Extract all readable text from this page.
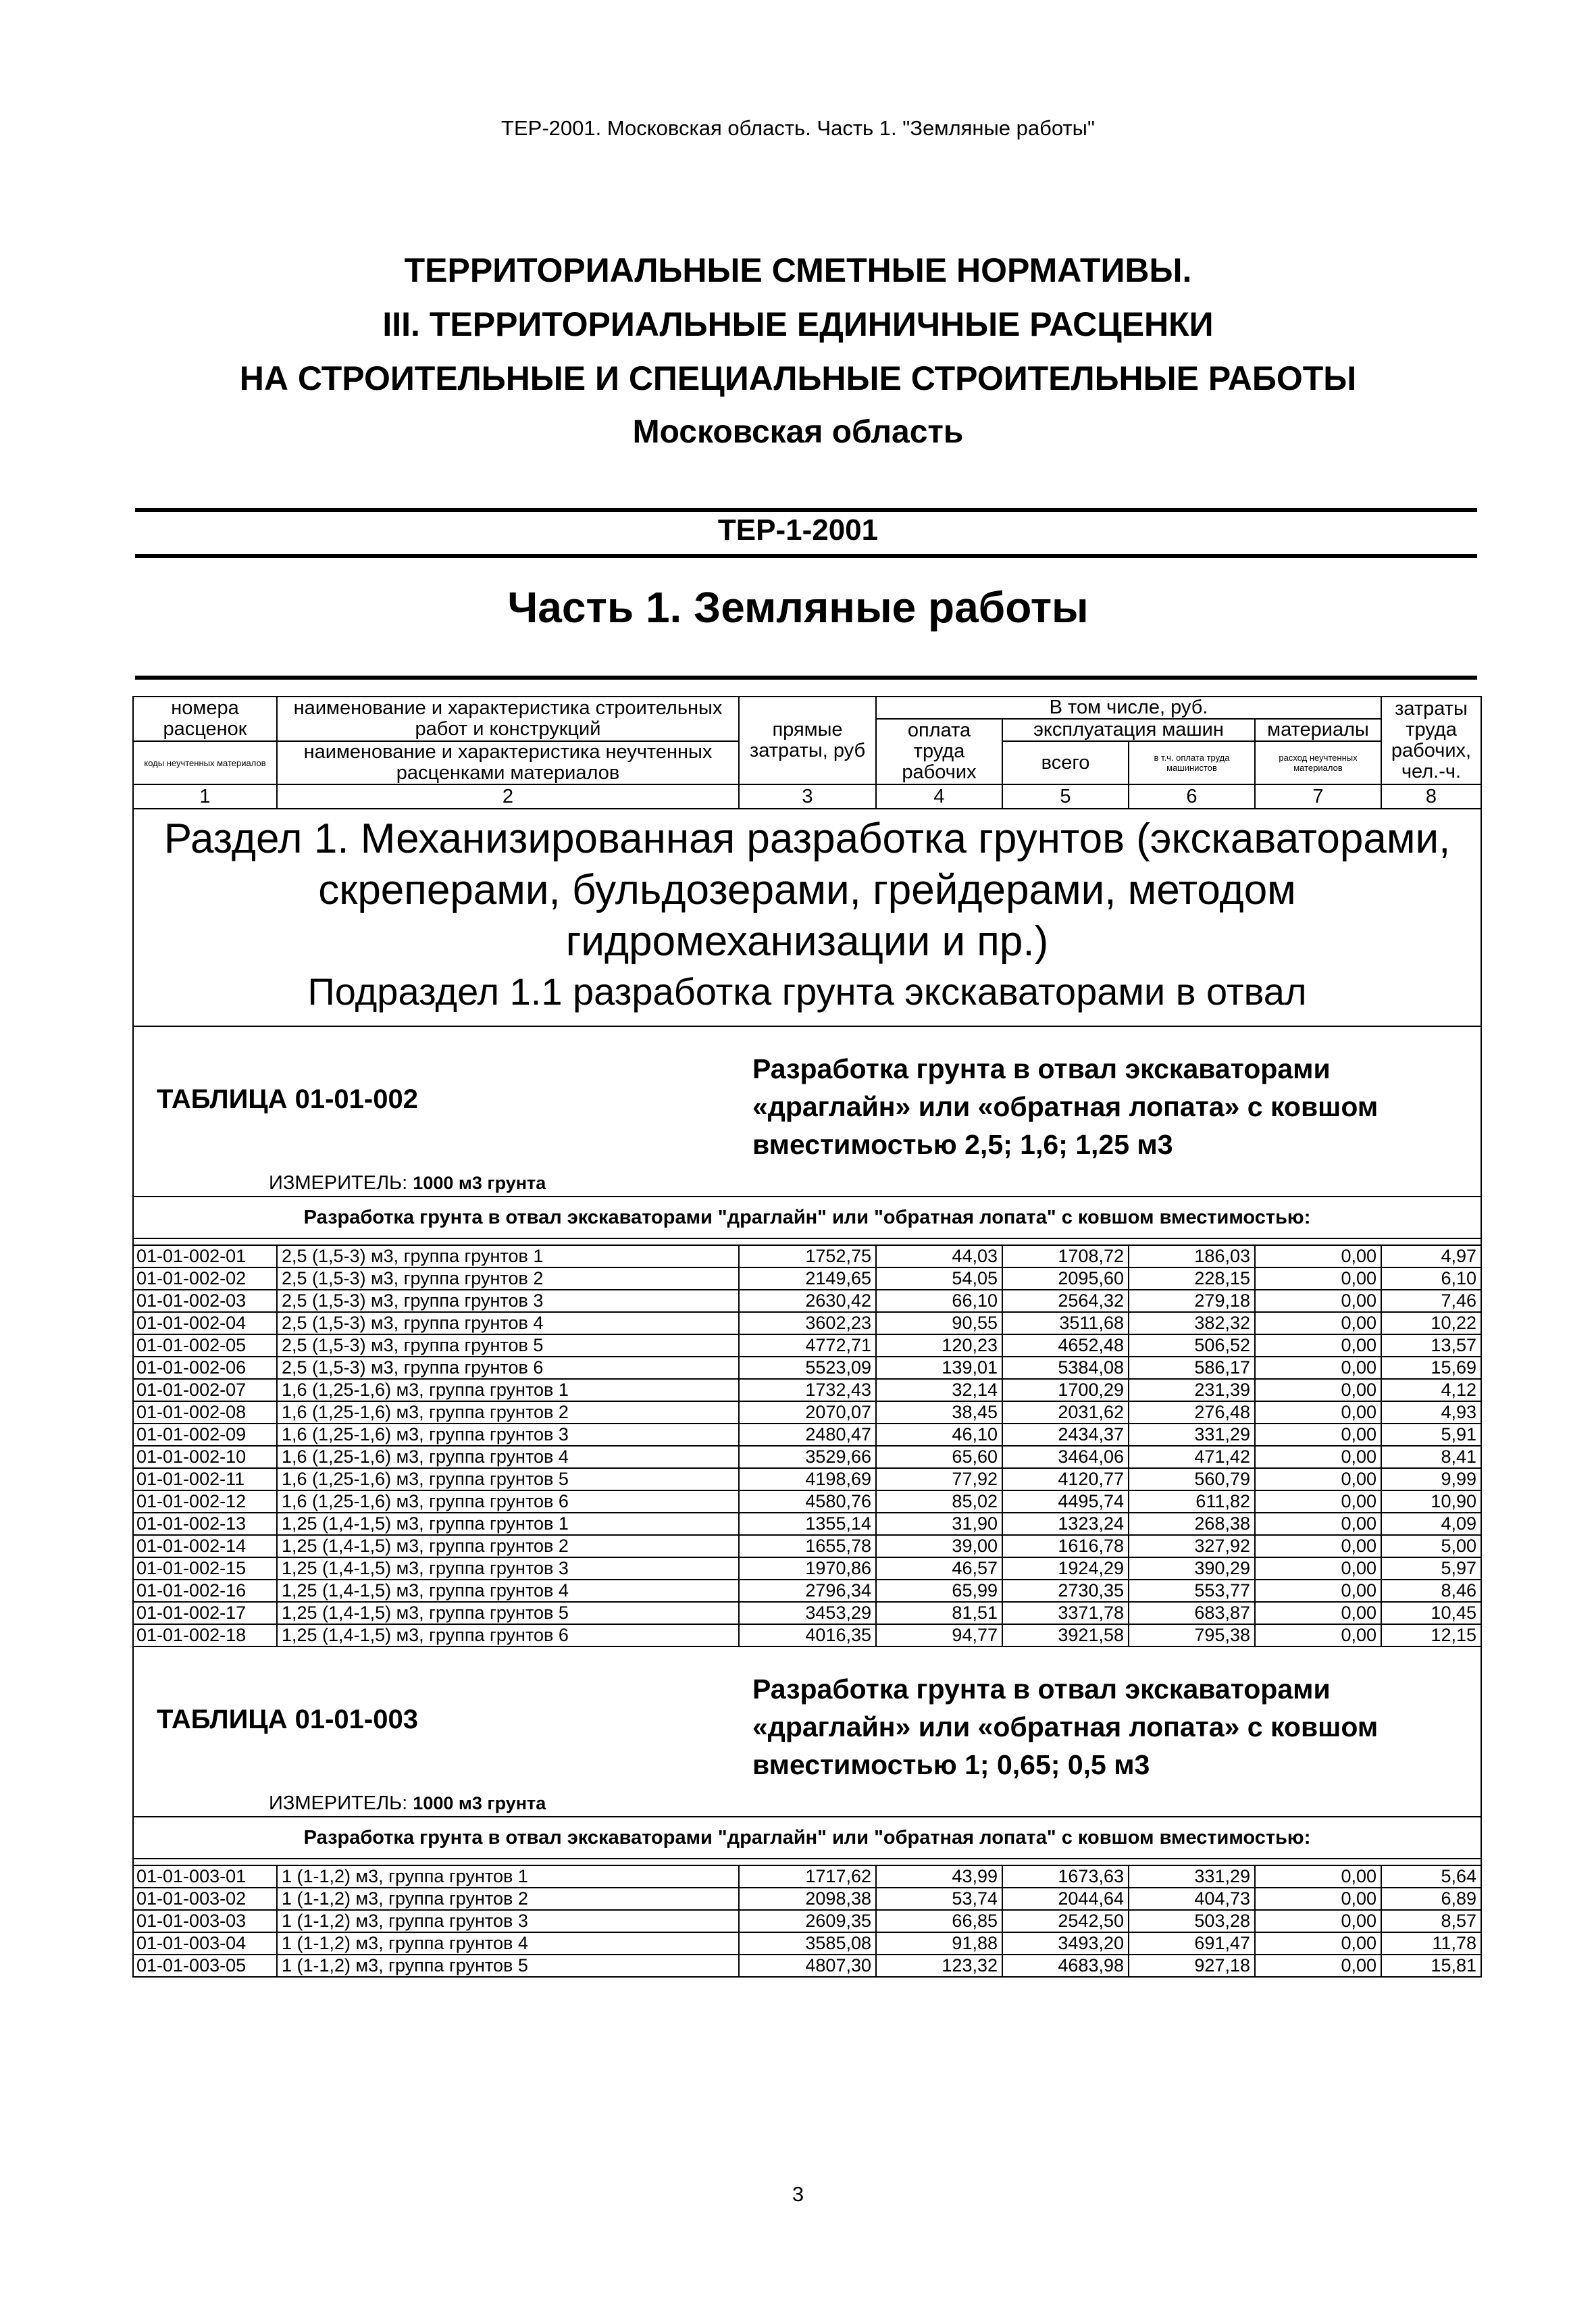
ТЕР-2001. Московская область. Часть 1. "Земляные работы"
ТЕРРИТОРИАЛЬНЫЕ СМЕТНЫЕ НОРМАТИВЫ.
III. ТЕРРИТОРИАЛЬНЫЕ ЕДИНИЧНЫЕ РАСЦЕНКИ
НА СТРОИТЕЛЬНЫЕ И СПЕЦИАЛЬНЫЕ СТРОИТЕЛЬНЫЕ РАБОТЫ
Московская область
ТЕР-1-2001
Часть 1. Земляные работы
номера расценок	наименование и характеристика строительных работ и конструкций	прямые затраты, руб	В том числе, руб.				затраты труда рабочих, чел.-ч.
			оплата труда рабочих	эксплуатация машин		материалы	
коды неучтенных материалов	наименование и характеристика неучтенных расценками материалов			всего	в т.ч. оплата труда машинистов	расход неучтенных материалов	

1	2	3	4	5	6	7	8

Раздел 1. Механизированная разработка грунтов (экскаваторами, скреперами, бульдозерами, грейдерами, методом гидромеханизации и пр.)
Подраздел 1.1 разработка грунта экскаваторами в отвал							

ТАБЛИЦА 01-01-002
Разработка грунта в отвал экскаваторами «драглайн» или «обратная лопата» с ковшом вместимостью 2,5; 1,6; 1,25 м3
ИЗМЕРИТЕЛЬ: 1000 м3 грунта							

Разработка грунта в отвал экскаваторами "драглайн" или "обратная лопата" с ковшом вместимостью:							

01-01-002-01	2,5 (1,5-3) м3, группа грунтов 1	1752,75	44,03	1708,72	186,03	0,00	4,97
01-01-002-02	2,5 (1,5-3) м3, группа грунтов 2	2149,65	54,05	2095,60	228,15	0,00	6,10
01-01-002-03	2,5 (1,5-3) м3, группа грунтов 3	2630,42	66,10	2564,32	279,18	0,00	7,46
01-01-002-04	2,5 (1,5-3) м3, группа грунтов 4	3602,23	90,55	3511,68	382,32	0,00	10,22
01-01-002-05	2,5 (1,5-3) м3, группа грунтов 5	4772,71	120,23	4652,48	506,52	0,00	13,57
01-01-002-06	2,5 (1,5-3) м3, группа грунтов 6	5523,09	139,01	5384,08	586,17	0,00	15,69
01-01-002-07	1,6 (1,25-1,6) м3, группа грунтов 1	1732,43	32,14	1700,29	231,39	0,00	4,12
01-01-002-08	1,6 (1,25-1,6) м3, группа грунтов 2	2070,07	38,45	2031,62	276,48	0,00	4,93
01-01-002-09	1,6 (1,25-1,6) м3, группа грунтов 3	2480,47	46,10	2434,37	331,29	0,00	5,91
01-01-002-10	1,6 (1,25-1,6) м3, группа грунтов 4	3529,66	65,60	3464,06	471,42	0,00	8,41
01-01-002-11	1,6 (1,25-1,6) м3, группа грунтов 5	4198,69	77,92	4120,77	560,79	0,00	9,99
01-01-002-12	1,6 (1,25-1,6) м3, группа грунтов 6	4580,76	85,02	4495,74	611,82	0,00	10,90
01-01-002-13	1,25 (1,4-1,5) м3, группа грунтов 1	1355,14	31,90	1323,24	268,38	0,00	4,09
01-01-002-14	1,25 (1,4-1,5) м3, группа грунтов 2	1655,78	39,00	1616,78	327,92	0,00	5,00
01-01-002-15	1,25 (1,4-1,5) м3, группа грунтов 3	1970,86	46,57	1924,29	390,29	0,00	5,97
01-01-002-16	1,25 (1,4-1,5) м3, группа грунтов 4	2796,34	65,99	2730,35	553,77	0,00	8,46
01-01-002-17	1,25 (1,4-1,5) м3, группа грунтов 5	3453,29	81,51	3371,78	683,87	0,00	10,45
01-01-002-18	1,25 (1,4-1,5) м3, группа грунтов 6	4016,35	94,77	3921,58	795,38	0,00	12,15

ТАБЛИЦА 01-01-003
Разработка грунта в отвал экскаваторами «драглайн» или «обратная лопата» с ковшом вместимостью 1; 0,65; 0,5 м3
ИЗМЕРИТЕЛЬ: 1000 м3 грунта							

Разработка грунта в отвал экскаваторами "драглайн" или "обратная лопата" с ковшом вместимостью:							

01-01-003-01	1 (1-1,2) м3, группа грунтов 1	1717,62	43,99	1673,63	331,29	0,00	5,64
01-01-003-02	1 (1-1,2) м3, группа грунтов 2	2098,38	53,74	2044,64	404,73	0,00	6,89
01-01-003-03	1 (1-1,2) м3, группа грунтов 3	2609,35	66,85	2542,50	503,28	0,00	8,57
01-01-003-04	1 (1-1,2) м3, группа грунтов 4	3585,08	91,88	3493,20	691,47	0,00	11,78
01-01-003-05	1 (1-1,2) м3, группа грунтов 5	4807,30	123,32	4683,98	927,18	0,00	15,81
3
